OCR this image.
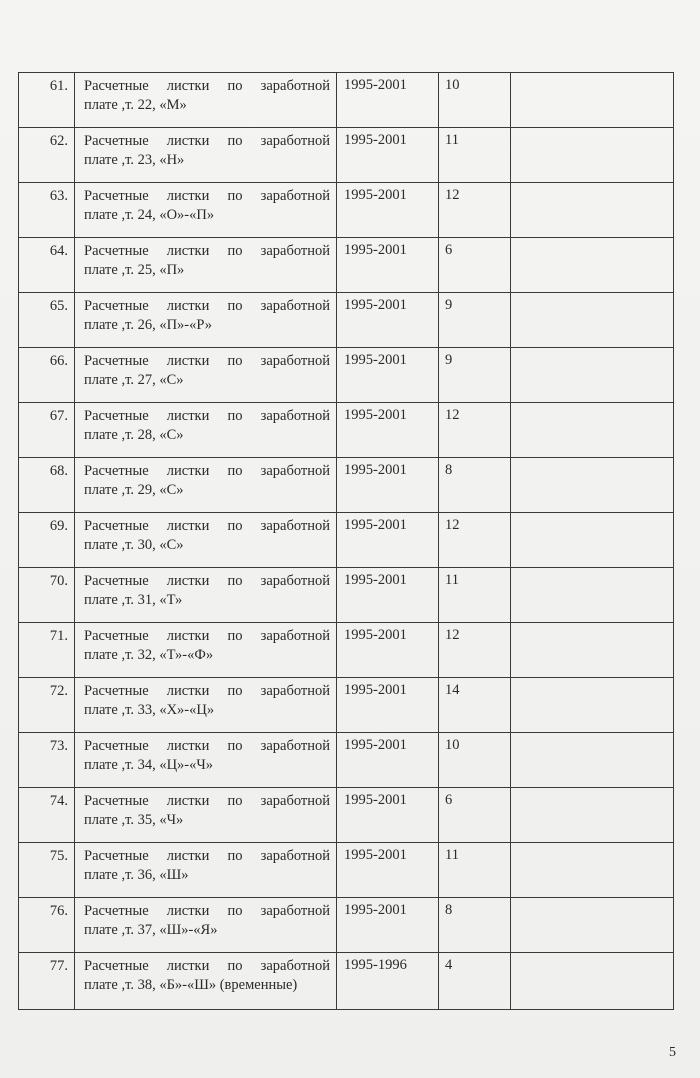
61.	Расчетные листки по заработной
плате ,т. 22, «М»	1995-2001	10	
62.	Расчетные листки по заработной
плате ,т. 23, «Н»	1995-2001	11	
63.	Расчетные листки по заработной
плате ,т. 24, «О»-«П»	1995-2001	12	
64.	Расчетные листки по заработной
плате ,т. 25, «П»	1995-2001	6	
65.	Расчетные листки по заработной
плате ,т. 26, «П»-«Р»	1995-2001	9	
66.	Расчетные листки по заработной
плате ,т. 27, «С»	1995-2001	9	
67.	Расчетные листки по заработной
плате ,т. 28, «С»	1995-2001	12	
68.	Расчетные листки по заработной
плате ,т. 29, «С»	1995-2001	8	
69.	Расчетные листки по заработной
плате ,т. 30, «С»	1995-2001	12	
70.	Расчетные листки по заработной
плате ,т. 31, «Т»	1995-2001	11	
71.	Расчетные листки по заработной
плате ,т. 32, «Т»-«Ф»	1995-2001	12	
72.	Расчетные листки по заработной
плате ,т. 33, «Х»-«Ц»	1995-2001	14	
73.	Расчетные листки по заработной
плате ,т. 34, «Ц»-«Ч»	1995-2001	10	
74.	Расчетные листки по заработной
плате ,т. 35, «Ч»	1995-2001	6	
75.	Расчетные листки по заработной
плате ,т. 36, «Ш»	1995-2001	11	
76.	Расчетные листки по заработной
плате ,т. 37, «Ш»-«Я»	1995-2001	8	
77.	Расчетные листки по заработной
плате ,т. 38, «Б»-«Ш» (временные)	1995-1996	4	
5
